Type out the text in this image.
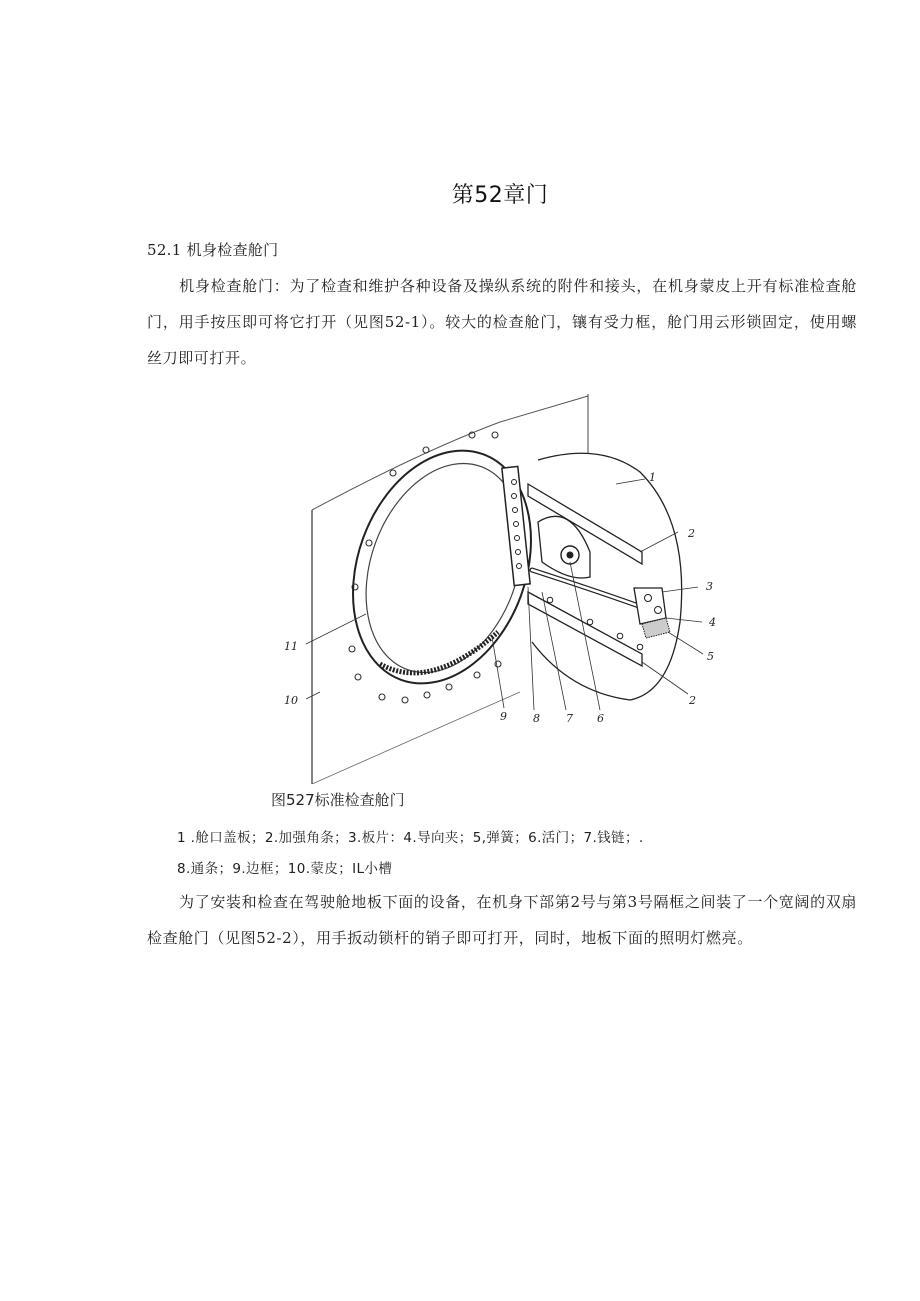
第52章门
52.1 机身检查舱门
机身检查舱门：为了检查和维护各种设备及操纵系统的附件和接头，在机身蒙皮上开有标准检查舱门，用手按压即可将它打开（见图52-1）。较大的检查舱门，镶有受力框，舱门用云形锁固定，使用螺丝刀即可打开。
1
2
3
4
5
2
6
7
8
9
10
11
图527标准检查舱门
1 .舱口盖板；2.加强角条；3.板片：4.导向夹；5,弹簧；6.活门；7.钱链；.
8.通条；9.边框；10.蒙皮；IL小槽
为了安装和检查在驾驶舱地板下面的设备，在机身下部第2号与第3号隔框之间装了一个宽阔的双扇检查舱门（见图52-2），用手扳动锁杆的销子即可打开，同时，地板下面的照明灯燃亮。
